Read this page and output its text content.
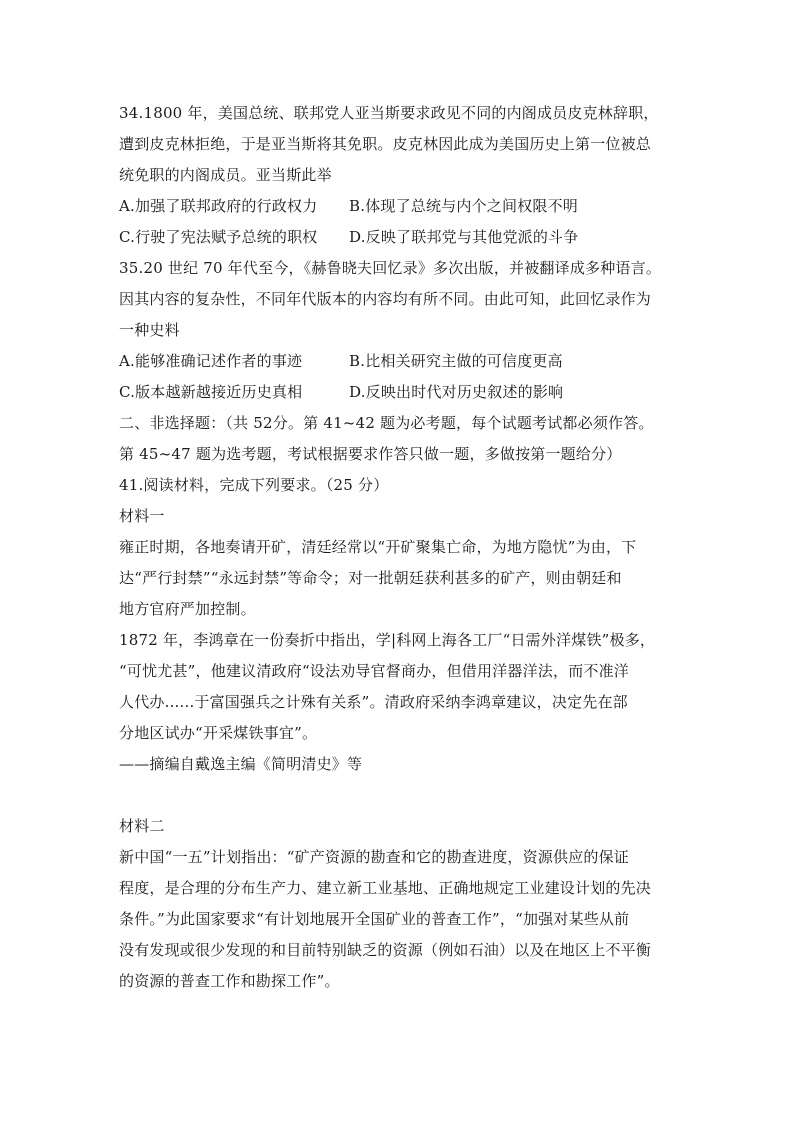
34.1800 年，美国总统、联邦党人亚当斯要求政见不同的内阁成员皮克林辞职，
遭到皮克林拒绝，于是亚当斯将其免职。皮克林因此成为美国历史上第一位被总
统免职的内阁成员。亚当斯此举
A.加强了联邦政府的行政权力 B.体现了总统与内个之间权限不明
C.行驶了宪法赋予总统的职权 D.反映了联邦党与其他党派的斗争
35.20 世纪 70 年代至今，《赫鲁晓夫回忆录》多次出版，并被翻译成多种语言。
因其内容的复杂性，不同年代版本的内容均有所不同。由此可知，此回忆录作为
一种史料
A.能够准确记述作者的事迹	B.比相关研究主做的可信度更高
C.版本越新越接近历史真相	D.反映出时代对历史叙述的影响
二、非选择题：（共 52分。第 41~42 题为必考题，每个试题考试都必须作答。
第 45~47 题为选考题，考试根据要求作答只做一题，多做按第一题给分）
41.阅读材料，完成下列要求。（25 分）
材料一
雍正时期，各地奏请开矿，清廷经常以“开矿聚集亡命，为地方隐忧”为由，下
达“严行封禁”“永远封禁”等命令；对一批朝廷获利甚多的矿产，则由朝廷和
地方官府严加控制。
1872 年，李鸿章在一份奏折中指出，学|科网上海各工厂“日需外洋煤铁”极多，
“可忧尤甚”，他建议清政府“设法劝导官督商办，但借用洋器洋法，而不准洋
人代办......于富国强兵之计殊有关系”。清政府采纳李鸿章建议，决定先在部
分地区试办“开采煤铁事宜”。
——摘编自戴逸主编《简明清史》等
材料二
新中国“一五”计划指出：“矿产资源的勘查和它的勘查进度，资源供应的保证
程度，是合理的分布生产力、建立新工业基地、正确地规定工业建设计划的先决
条件。”为此国家要求“有计划地展开全国矿业的普查工作”，“加强对某些从前
没有发现或很少发现的和目前特别缺乏的资源（例如石油）以及在地区上不平衡
的资源的普查工作和勘探工作”。
